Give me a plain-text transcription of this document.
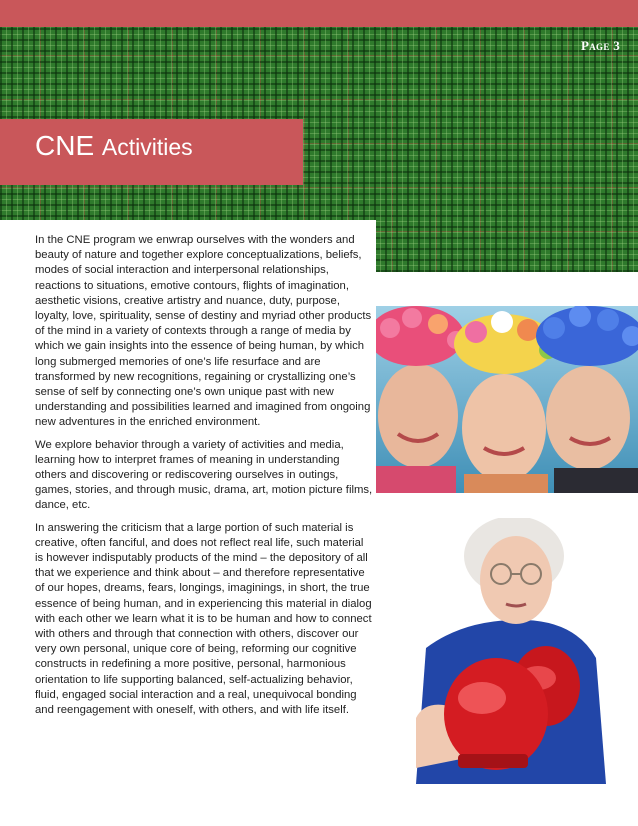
Page 3
CNE Activities

In the CNE program we enwrap ourselves with the wonders and beauty of nature and together explore conceptualizations, beliefs, modes of social interaction and interpersonal relationships, reactions to situations, emotive contours, flights of imagination, aesthetic visions, creative artistry and nuance, duty, purpose, loyalty, love, spirituality, sense of destiny and myriad other products of the mind in a variety of contexts through a range of media by which we gain insights into the essence of being human, by which long submerged memories of one’s life resurface and are transformed by new recognitions, regaining or crystallizing one’s sense of self by connecting one’s own unique past with new understanding and possibilities learned and imagined from ongoing new adventures in the enriched environment.

We explore behavior through a variety of activities and media, learning how to interpret frames of meaning in understanding others and discovering or rediscovering ourselves in outings, games, stories, and through music, drama, art, motion picture films, dance, etc.

In answering the criticism that a large portion of such material is creative, often fanciful, and does not reflect real life, such material is however indisputably products of the mind – the depository of all that we experience and think about – and therefore representative of our hopes, dreams, fears, longings, imaginings, in short, the true essence of being human, and in experiencing this material in dialog with each other we learn what it is to be human and how to connect with others and through that connection with others, discover our very own personal, unique core of being, reforming our cognitive constructs in redefining a more positive, personal, harmonious orientation to life supporting balanced, self-actualizing behavior, fluid, engaged social interaction and a real, unequivocal bonding and reengagement with oneself, with others, and with life itself.
